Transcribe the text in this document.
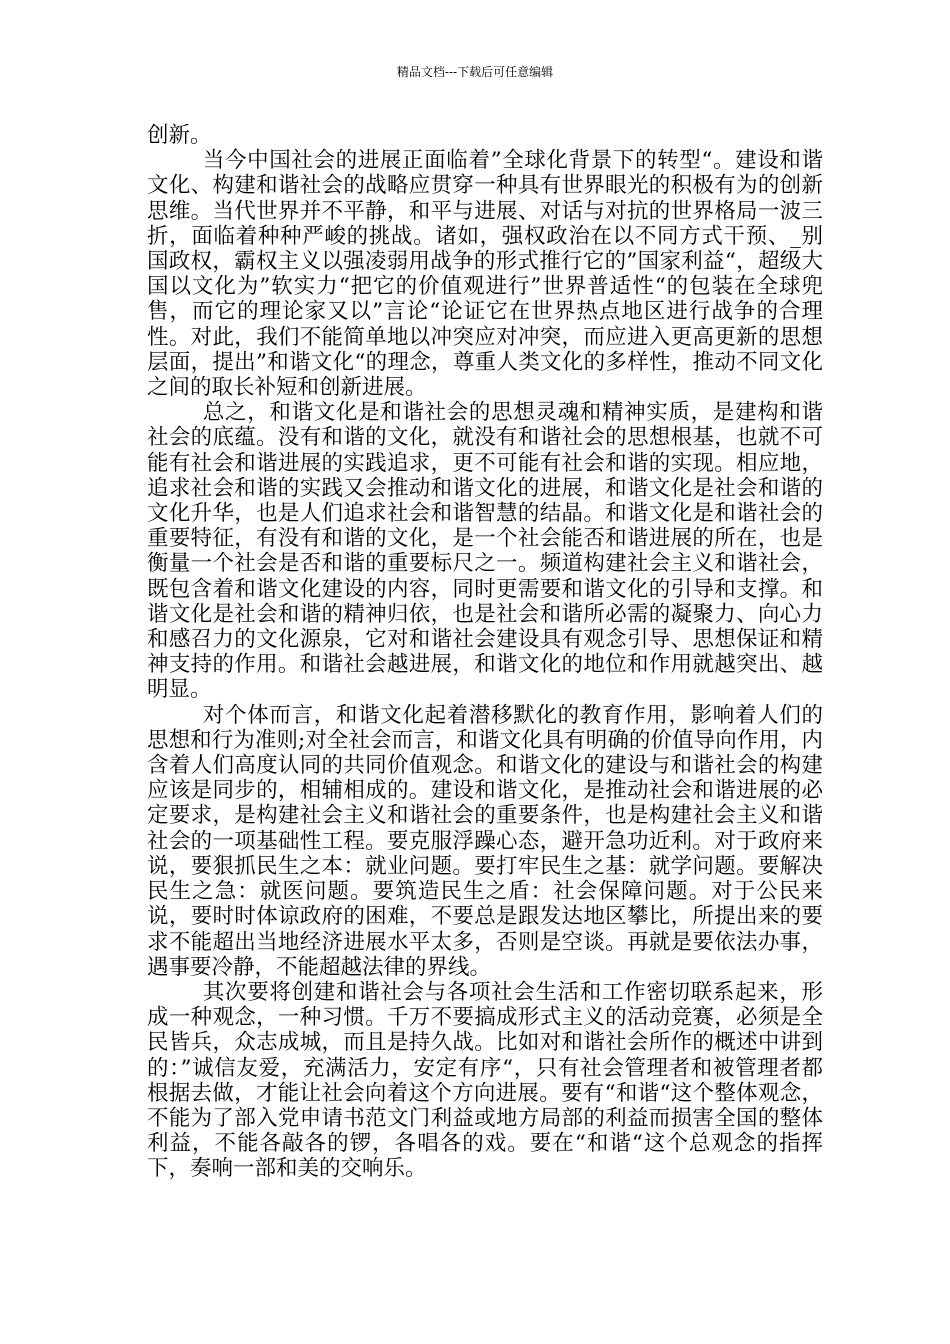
精品文档---下载后可任意编辑

创新。

当今中国社会的进展正面临着”全球化背景下的转型“。建设和谐文化、构建和谐社会的战略应贯穿一种具有世界眼光的积极有为的创新思维。当代世界并不平静，和平与进展、对话与对抗的世界格局一波三折，面临着种种严峻的挑战。诸如，强权政治在以不同方式干预、_别国政权，霸权主义以强凌弱用战争的形式推行它的”国家利益“，超级大国以文化为”软实力“把它的价值观进行”世界普适性“的包装在全球兜售，而它的理论家又以”言论“论证它在世界热点地区进行战争的合理性。对此，我们不能简单地以冲突应对冲突，而应进入更高更新的思想层面，提出”和谐文化“的理念，尊重人类文化的多样性，推动不同文化之间的取长补短和创新进展。

总之，和谐文化是和谐社会的思想灵魂和精神实质，是建构和谐社会的底蕴。没有和谐的文化，就没有和谐社会的思想根基，也就不可能有社会和谐进展的实践追求，更不可能有社会和谐的实现。相应地，追求社会和谐的实践又会推动和谐文化的进展，和谐文化是社会和谐的文化升华，也是人们追求社会和谐智慧的结晶。和谐文化是和谐社会的重要特征，有没有和谐的文化，是一个社会能否和谐进展的所在，也是衡量一个社会是否和谐的重要标尺之一。频道构建社会主义和谐社会，既包含着和谐文化建设的内容，同时更需要和谐文化的引导和支撑。和谐文化是社会和谐的精神归依，也是社会和谐所必需的凝聚力、向心力和感召力的文化源泉，它对和谐社会建设具有观念引导、思想保证和精神支持的作用。和谐社会越进展，和谐文化的地位和作用就越突出、越明显。

对个体而言，和谐文化起着潜移默化的教育作用，影响着人们的思想和行为准则;对全社会而言，和谐文化具有明确的价值导向作用，内含着人们高度认同的共同价值观念。和谐文化的建设与和谐社会的构建应该是同步的，相辅相成的。建设和谐文化，是推动社会和谐进展的必定要求，是构建社会主义和谐社会的重要条件，也是构建社会主义和谐社会的一项基础性工程。要克服浮躁心态，避开急功近利。对于政府来说，要狠抓民生之本：就业问题。要打牢民生之基：就学问题。要解决民生之急：就医问题。要筑造民生之盾：社会保障问题。对于公民来说，要时时体谅政府的困难，不要总是跟发达地区攀比，所提出来的要求不能超出当地经济进展水平太多，否则是空谈。再就是要依法办事，遇事要冷静，不能超越法律的界线。

其次要将创建和谐社会与各项社会生活和工作密切联系起来，形成一种观念，一种习惯。千万不要搞成形式主义的活动竞赛，必须是全民皆兵，众志成城，而且是持久战。比如对和谐社会所作的概述中讲到的：”诚信友爱，充满活力，安定有序“，只有社会管理者和被管理者都根据去做，才能让社会向着这个方向进展。要有“和谐“这个整体观念，不能为了部入党申请书范文门利益或地方局部的利益而损害全国的整体利益，不能各敲各的锣，各唱各的戏。要在“和谐“这个总观念的指挥下，奏响一部和美的交响乐。
